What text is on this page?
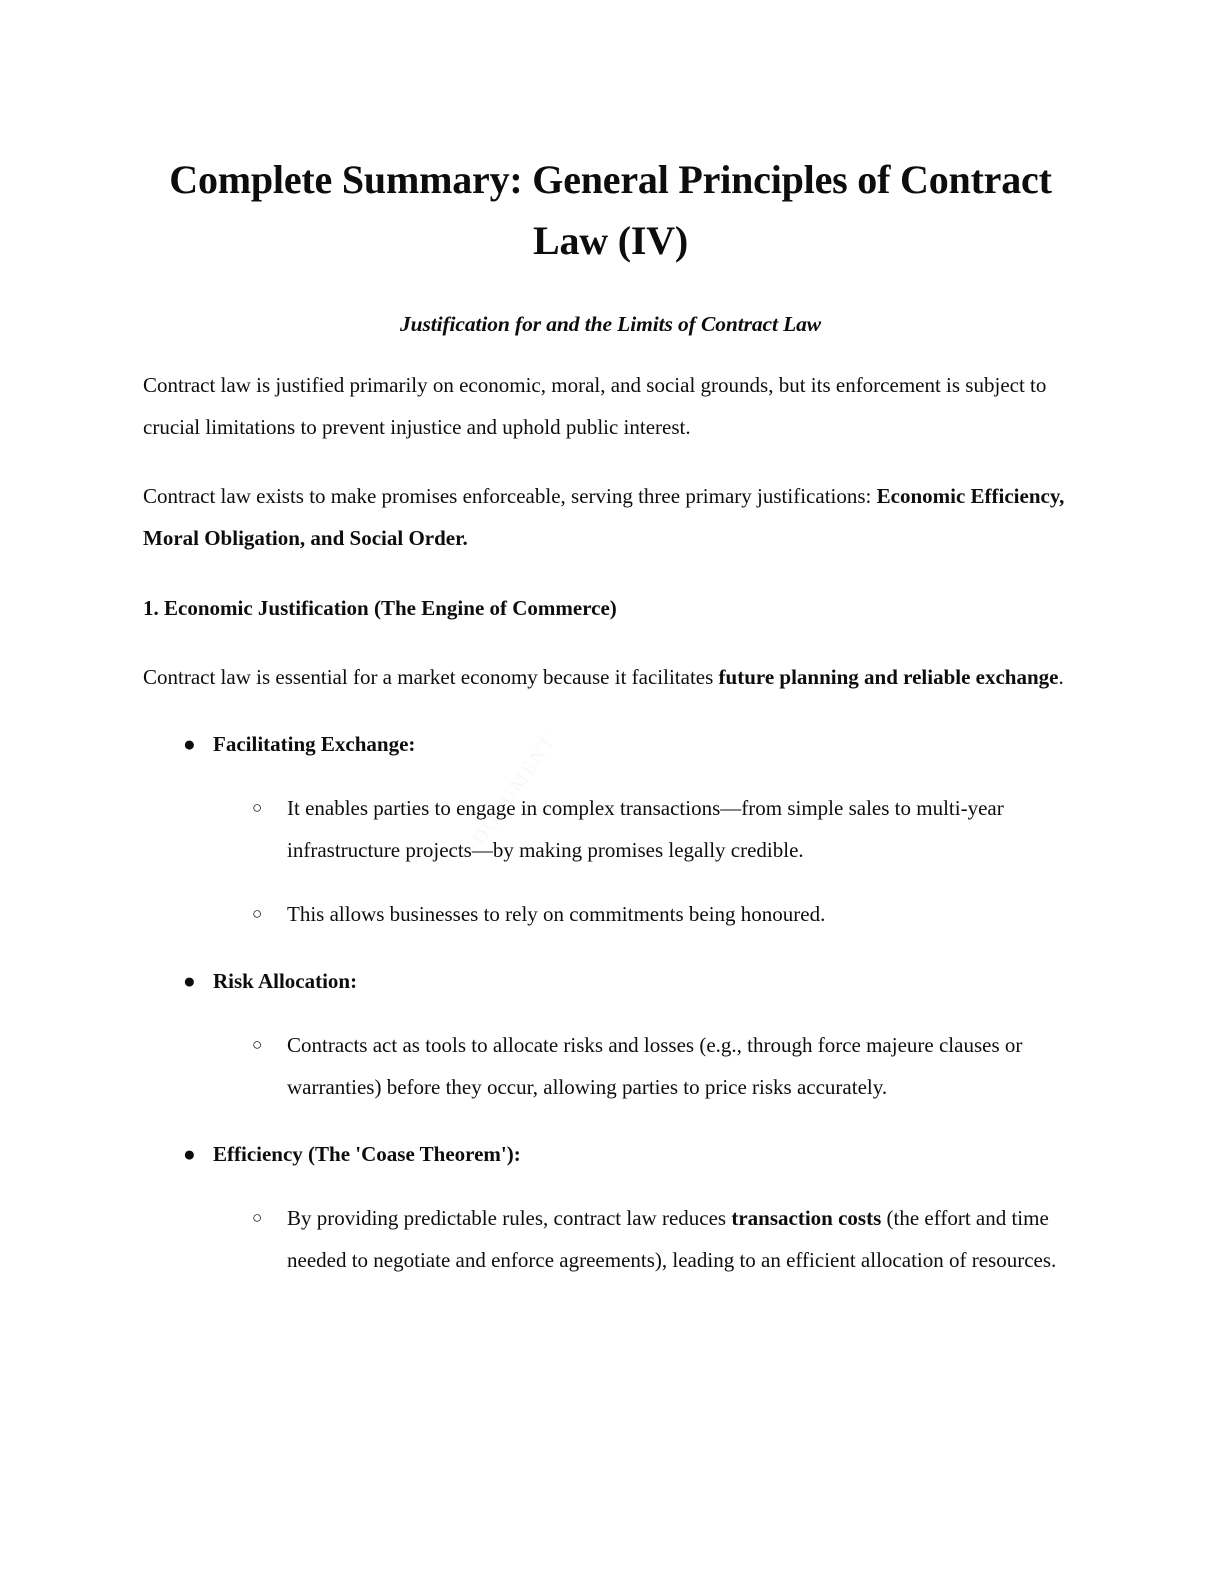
Complete Summary: General Principles of Contract Law (IV)
Justification for and the Limits of Contract Law

Contract law is justified primarily on economic, moral, and social grounds, but its enforcement is subject to crucial limitations to prevent injustice and uphold public interest.

Contract law exists to make promises enforceable, serving three primary justifications: Economic Efficiency, Moral Obligation, and Social Order.

1. Economic Justification (The Engine of Commerce)

Contract law is essential for a market economy because it facilitates future planning and reliable exchange.

● Facilitating Exchange:
○ It enables parties to engage in complex transactions—from simple sales to multi-year infrastructure projects—by making promises legally credible.
○ This allows businesses to rely on commitments being honoured.
● Risk Allocation:
○ Contracts act as tools to allocate risks and losses (e.g., through force majeure clauses or warranties) before they occur, allowing parties to price risks accurately.
● Efficiency (The 'Coase Theorem'):
○ By providing predictable rules, contract law reduces transaction costs (the effort and time needed to negotiate and enforce agreements), leading to an efficient allocation of resources.
